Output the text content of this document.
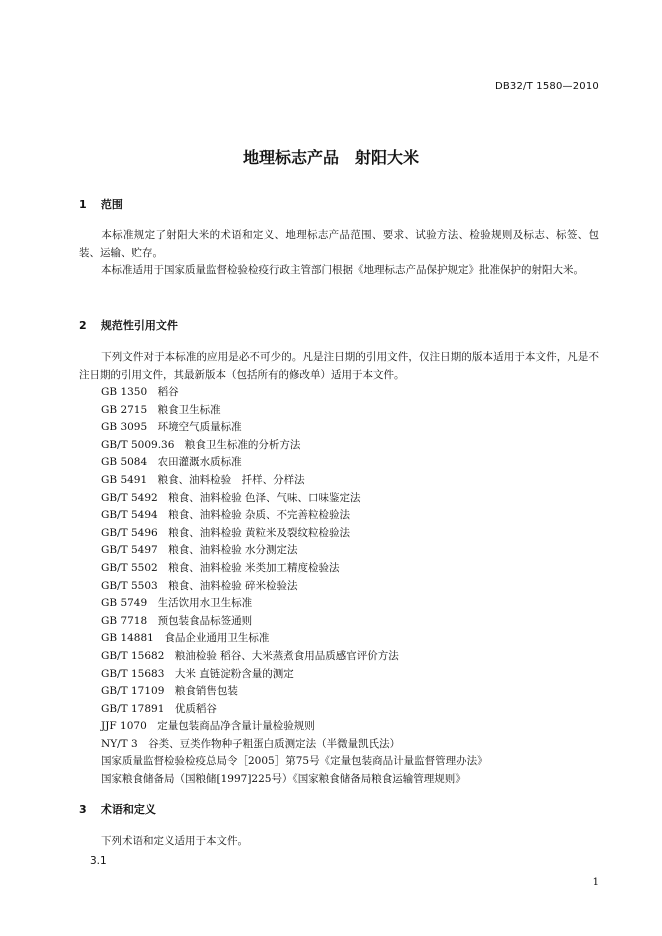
DB32/T 1580—2010
地理标志产品　射阳大米
1 范围
本标准规定了射阳大米的术语和定义、地理标志产品范围、要求、试验方法、检验规则及标志、标签、包装、运输、贮存。
本标准适用于国家质量监督检验检疫行政主管部门根据《地理标志产品保护规定》批准保护的射阳大米。
2 规范性引用文件
下列文件对于本标准的应用是必不可少的。凡是注日期的引用文件，仅注日期的版本适用于本文件，凡是不注日期的引用文件，其最新版本（包括所有的修改单）适用于本文件。
GB 1350　稻谷
GB 2715　粮食卫生标准
GB 3095　环境空气质量标准
GB/T 5009.36　粮食卫生标准的分析方法
GB 5084　农田灌溉水质标准
GB 5491　粮食、油料检验　扦样、分样法
GB/T 5492　粮食、油料检验 色泽、气味、口味鉴定法
GB/T 5494　粮食、油料检验 杂质、不完善粒检验法
GB/T 5496　粮食、油料检验 黄粒米及裂纹粒检验法
GB/T 5497　粮食、油料检验 水分测定法
GB/T 5502　粮食、油料检验 米类加工精度检验法
GB/T 5503　粮食、油料检验 碎米检验法
GB 5749　生活饮用水卫生标准
GB 7718　预包装食品标签通则
GB 14881　食品企业通用卫生标准
GB/T 15682　粮油检验 稻谷、大米蒸煮食用品质感官评价方法
GB/T 15683　大米 直链淀粉含量的测定
GB/T 17109　粮食销售包装
GB/T 17891　优质稻谷
JJF 1070　定量包装商品净含量计量检验规则
NY/T 3　谷类、豆类作物种子粗蛋白质测定法（半微量凯氏法）
国家质量监督检验检疫总局令［2005］第75号《定量包装商品计量监督管理办法》
国家粮食储备局（国粮储[1997]225号）《国家粮食储备局粮食运输管理规则》
3 术语和定义
下列术语和定义适用于本文件。
3.1
1
